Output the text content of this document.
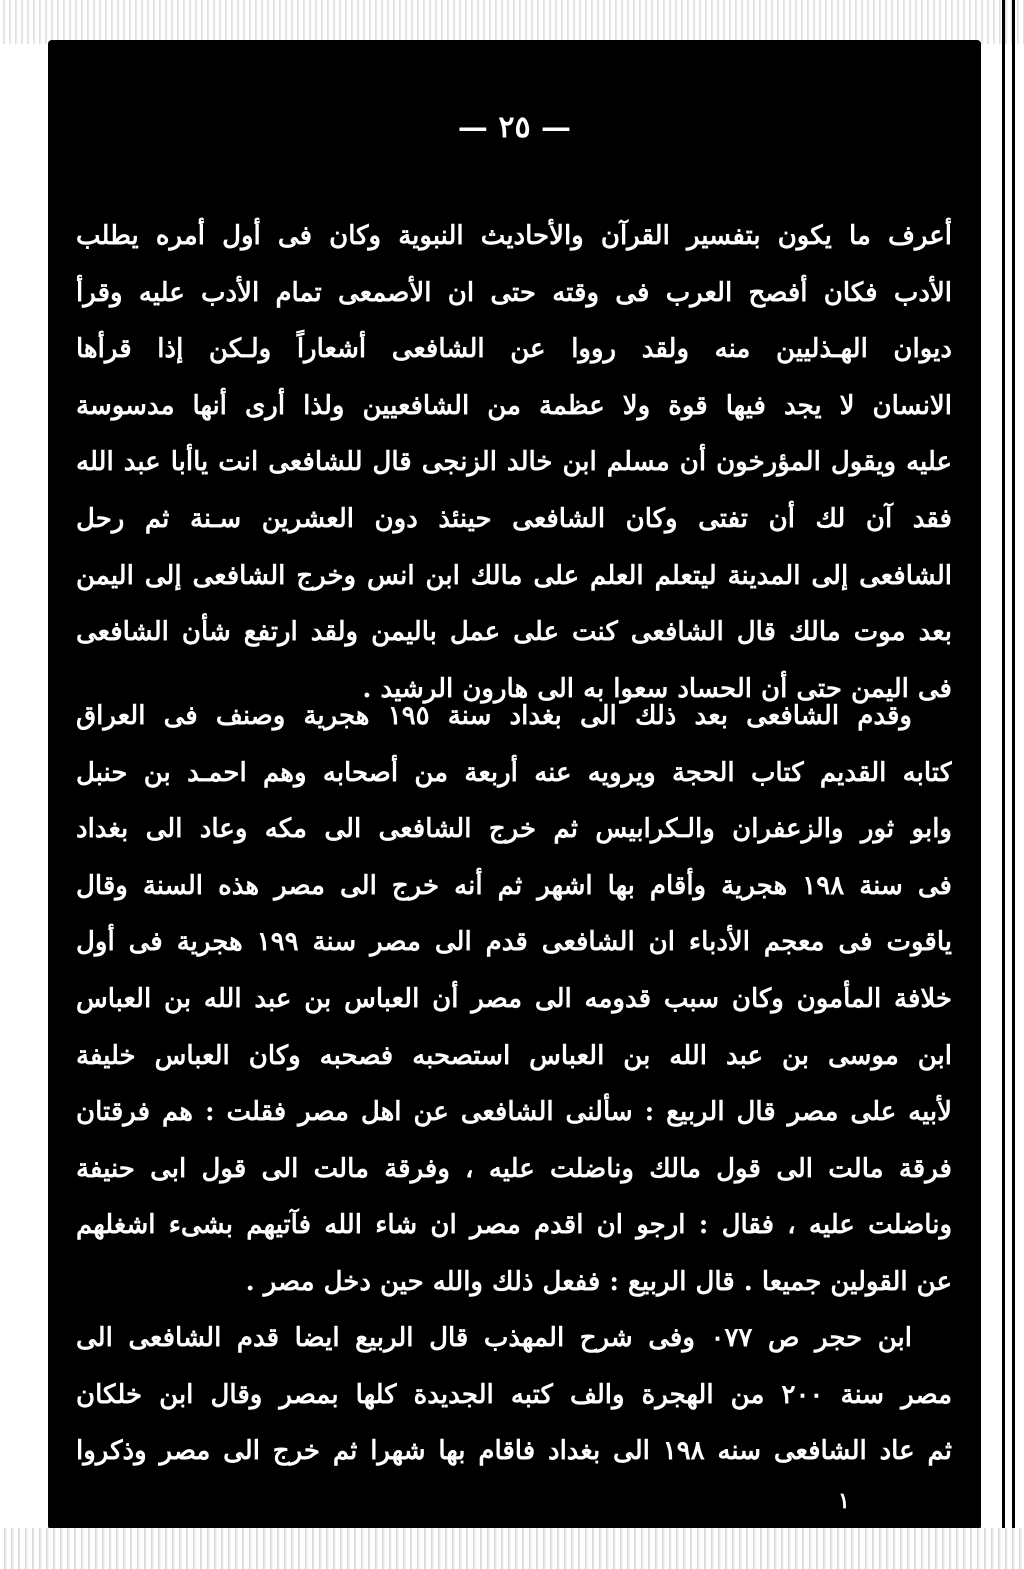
— ٢٥ —
أعرف ما يكون بتفسير القرآن والأحاديث النبوية وكان فى أول أمره يطلب
الأدب فكان أفصح العرب فى وقته حتى ان الأصمعى تمام الأدب عليه وقرأ
ديوان الهـذليين منه ولقد رووا عن الشافعى أشعاراً ولـكن إذا قرأها
الانسان لا يجد فيها قوة ولا عظمة من الشافعيين ولذا أرى أنها مدسوسة
عليه ويقول المؤرخون أن مسلم ابن خالد الزنجى قال للشافعى انت ياأبا عبد الله
فقد آن لك أن تفتى وكان الشافعى حينئذ دون العشرين سـنة ثم رحل
الشافعى إلى المدينة ليتعلم العلم على مالك ابن انس وخرج الشافعى إلى اليمن
بعد موت مالك قال الشافعى كنت على عمل باليمن ولقد ارتفع شأن الشافعى
فى اليمن حتى أن الحساد سعوا به الى هارون الرشيد .
وقدم الشافعى بعد ذلك الى بغداد سنة ١٩٥ هجرية وصنف فى العراق
كتابه القديم كتاب الحجة ويرويه عنه أربعة من أصحابه وهم احمـد بن حنبل
وابو ثور والزعفران والـكرابيس ثم خرج الشافعى الى مكه وعاد الى بغداد
فى سنة ١٩٨ هجرية وأقام بها اشهر ثم أنه خرج الى مصر هذه السنة وقال
ياقوت فى معجم الأدباء ان الشافعى قدم الى مصر سنة ١٩٩ هجرية فى أول
خلافة المأمون وكان سبب قدومه الى مصر أن العباس بن عبد الله بن العباس
ابن موسى بن عبد الله بن العباس استصحبه فصحبه وكان العباس خليفة
لأبيه على مصر قال الربيع : سألنى الشافعى عن اهل مصر فقلت : هم فرقتان
فرقة مالت الى قول مالك وناضلت عليه ، وفرقة مالت الى قول ابى حنيفة
وناضلت عليه ، فقال : ارجو ان اقدم مصر ان شاء الله فآتيهم بشىء اشغلهم
عن القولين جميعا . قال الربيع : ففعل ذلك والله حين دخل مصر .
ابن حجر ص ٠٧٧ وفى شرح المهذب قال الربيع ايضا قدم الشافعى الى
مصر سنة ٢٠٠ من الهجرة والف كتبه الجديدة كلها بمصر وقال ابن خلكان
ثم عاد الشافعى سنه ١٩٨ الى بغداد فاقام بها شهرا ثم خرج الى مصر وذكروا
١
